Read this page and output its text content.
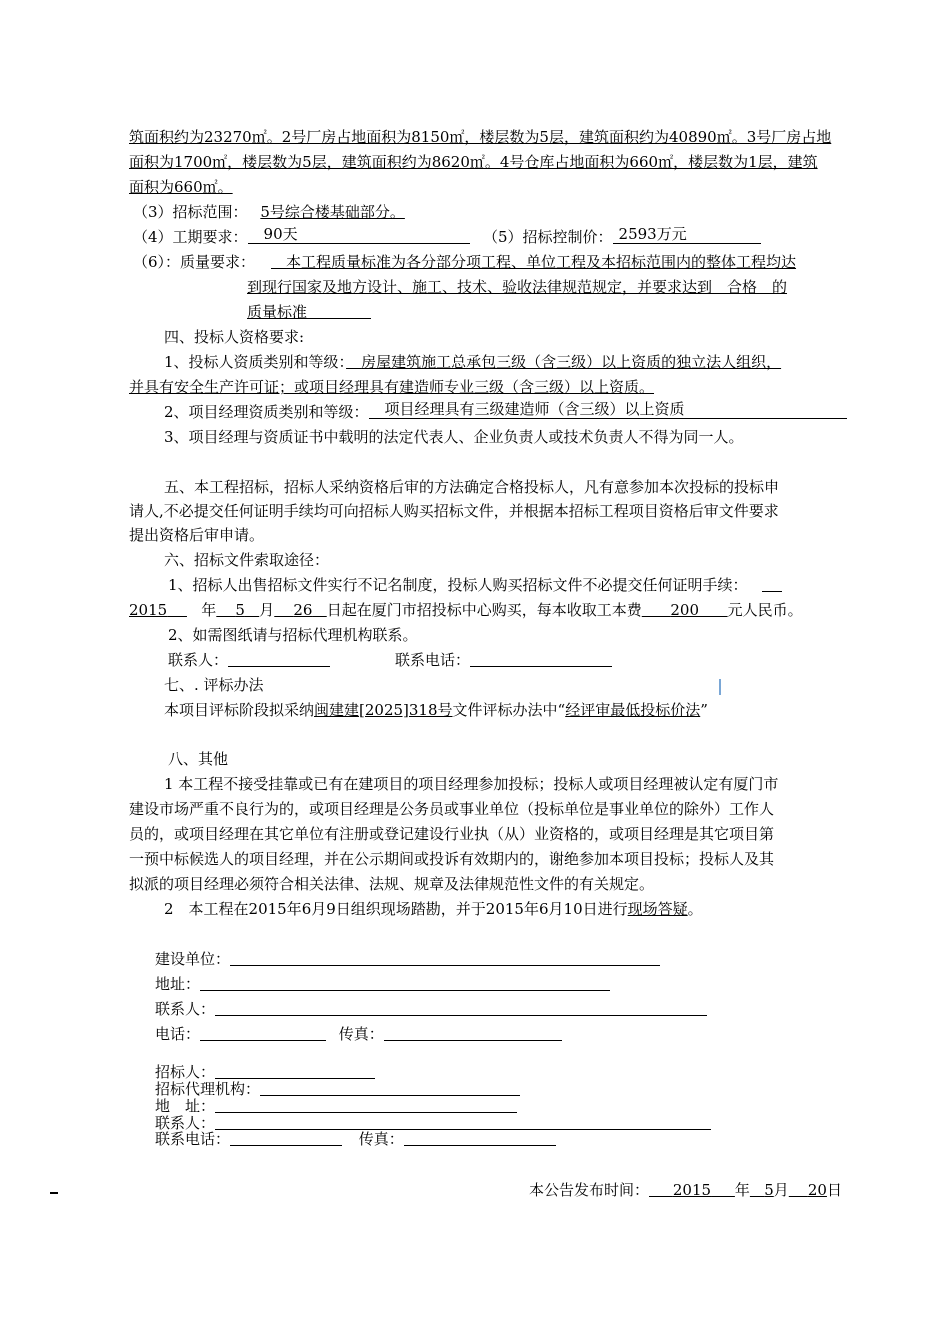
筑面积约为23270㎡。2号厂房占地面积为8150㎡，楼层数为5层，建筑面积约为40890㎡。3号厂房占地
面积为1700㎡，楼层数为5层，建筑面积约为8620㎡。4号仓库占地面积为660㎡，楼层数为1层，建筑
面积为660㎡。
（3）招标范围： 5号综合楼基础部分。
（4）工期要求： 90天	（5）招标控制价： 2593万元
（6）：质量要求：
　	本工程质量标准为各分部分项工程、单位工程及本招标范围内的整体工程均达
到现行国家及地方设计、施工、技术、验收法律规范规定，并要求达到　合格　的
质量标准
四、投标人资格要求:
1、投标人资质类别和等级：　 房屋建筑施工总承包三级（含三级）以上资质的独立法人组织，
并具有安全生产许可证；或项目经理具有建造师专业三级（含三级）以上资质。
2、项目经理资质类别和等级： 项目经理具有三级建造师（含三级）以上资质
3、项目经理与资质证书中载明的法定代表人、企业负责人或技术负责人不得为同一人。
五、本工程招标，招标人采纳资格后审的方法确定合格投标人，凡有意参加本次投标的投标申
请人,不必提交任何证明手续均可向招标人购买招标文件，并根据本招标工程项目资格后审文件要求
提出资格后审申请。
六、招标文件索取途径：
1、招标人出售招标文件实行不记名制度，投标人购买招标文件不必提交任何证明手续：
2015　 年 5 月 26 日起在厦门市招投标中心购买，每本收取工本费 200 元人民币。
2、如需图纸请与招标代理机构联系。
联系人：	联系电话：
七、. 评标办法
本项目评标阶段拟采纳闽建建[2025]318号文件评标办法中“经评审最低投标价法”
八、其他
1 本工程不接受挂靠或已有在建项目的项目经理参加投标；投标人或项目经理被认定有厦门市
建设市场严重不良行为的，或项目经理是公务员或事业单位（投标单位是事业单位的除外）工作人
员的，或项目经理在其它单位有注册或登记建设行业执（从）业资格的，或项目经理是其它项目第
一预中标候选人的项目经理，并在公示期间或投诉有效期内的，谢绝参加本项目投标；投标人及其
拟派的项目经理必须符合相关法律、法规、规章及法律规范性文件的有关规定。
2　本工程在2015年6月9日组织现场踏勘，并于2015年6月10日进行现场答疑。
建设单位：
地址：
联系人：
电话：	传真：
招标人：
招标代理机构：
地　址：
联系人：
联系电话：	传真：
本公告发布时间： 2015 年 5月 20日
